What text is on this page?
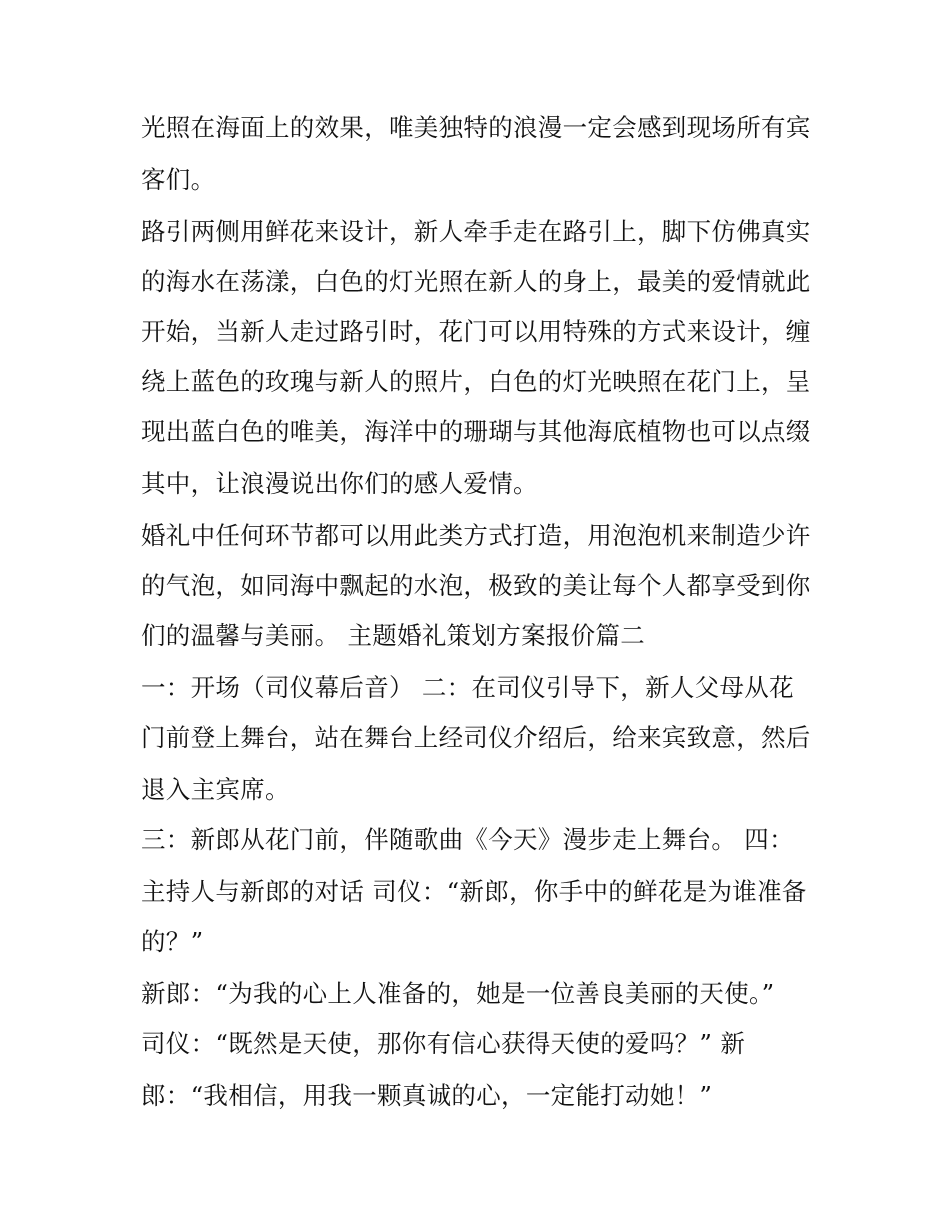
光照在海面上的效果，唯美独特的浪漫一定会感到现场所有宾
客们。
路引两侧用鲜花来设计，新人牵手走在路引上，脚下仿佛真实
的海水在荡漾，白色的灯光照在新人的身上，最美的爱情就此
开始，当新人走过路引时，花门可以用特殊的方式来设计，缠
绕上蓝色的玫瑰与新人的照片，白色的灯光映照在花门上，呈
现出蓝白色的唯美，海洋中的珊瑚与其他海底植物也可以点缀
其中，让浪漫说出你们的感人爱情。
婚礼中任何环节都可以用此类方式打造，用泡泡机来制造少许
的气泡，如同海中飘起的水泡，极致的美让每个人都享受到你
们的温馨与美丽。 主题婚礼策划方案报价篇二
一：开场（司仪幕后音） 二：在司仪引导下，新人父母从花
门前登上舞台，站在舞台上经司仪介绍后，给来宾致意，然后
退入主宾席。
三：新郎从花门前，伴随歌曲《今天》漫步走上舞台。 四：
主持人与新郎的对话 司仪：“新郎，你手中的鲜花是为谁准备
的？”
新郎：“为我的心上人准备的，她是一位善良美丽的天使。”
司仪：“既然是天使，那你有信心获得天使的爱吗？” 新
郎：“我相信，用我一颗真诚的心，一定能打动她！”
